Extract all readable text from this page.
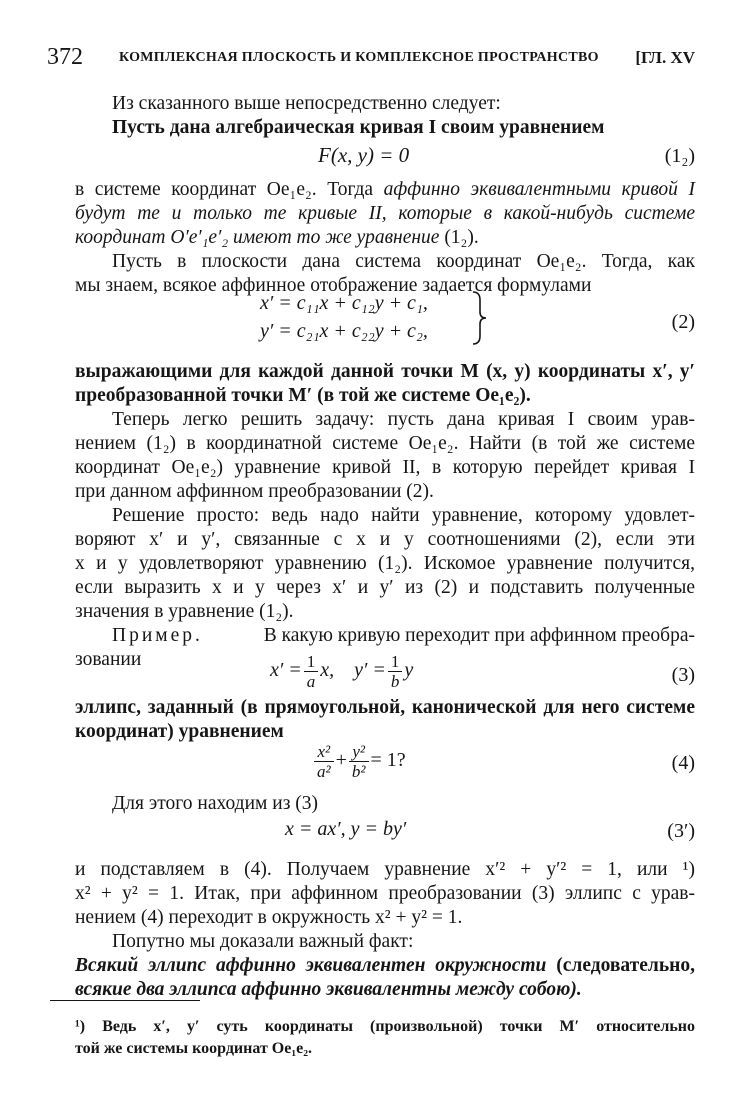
372	КОМПЛЕКСНАЯ ПЛОСКОСТЬ И КОМПЛЕКСНОЕ ПРОСТРАНСТВО [ГЛ. XV
Из сказанного выше непосредственно следует:
Пусть дана алгебраическая кривая I своим уравнением
F(x, y) = 0	(1₂)
в системе координат Oe₁e₂. Тогда аффинно эквивалентными кривой I
будут те и только те кривые II, которые в какой-нибудь системе
координат O′e′₁e′₂ имеют то же уравнение (1₂).
Пусть в плоскости дана система координат Oe₁e₂. Тогда, как
мы знаем, всякое аффинное отображение задается формулами
x′ = c₁₁x + c₁₂y + c₁,
y′ = c₂₁x + c₂₂y + c₂,	(2)
выражающими для каждой данной точки M (x, y) координаты x′, y′
преобразованной точки M′ (в той же системе Oe₁e₂).
Теперь легко решить задачу: пусть дана кривая I своим урав-
нением (1₂) в координатной системе Oe₁e₂. Найти (в той же системе
координат Oe₁e₂) уравнение кривой II, в которую перейдет кривая I
при данном аффинном преобразовании (2).
Решение просто: ведь надо найти уравнение, которому удовлет-
воряют x′ и y′, связанные с x и y соотношениями (2), если эти
x и y удовлетворяют уравнению (1₂). Искомое уравнение получится,
если выразить x и y через x′ и y′ из (2) и подставить полученные
значения в уравнение (1₂).
Пример.	В какую кривую переходит при аффинном преобра-
зовании	$x' = \frac{1}{a} x$, $y' = \frac{1}{b}$ y	(3)
эллипс, заданный (в прямоугольной, канонической для него системе
координат) уравнением
$\frac{\text{x²}}{\text{a²}} + \frac{\text{y²}}{\text{b²}} = 1$?	(4)
Для этого находим из (3)
x = ax′, y = by′	(3′)
и подставляем в (4). Получаем уравнение x′² + y′² = 1, или ¹)
x² + y² = 1. Итак, при аффинном преобразовании (3) эллипс с урав-
нением (4) переходит в окружность x² + y² = 1.
Попутно мы доказали важный факт:
Всякий эллипс аффинно эквивалентен окружности (следовательно,
всякие два эллипса аффинно эквивалентны между собою).
¹) Ведь x′, y′ суть координаты (произвольной) точки M′ относительно
той же системы координат Oe₁e₂.
